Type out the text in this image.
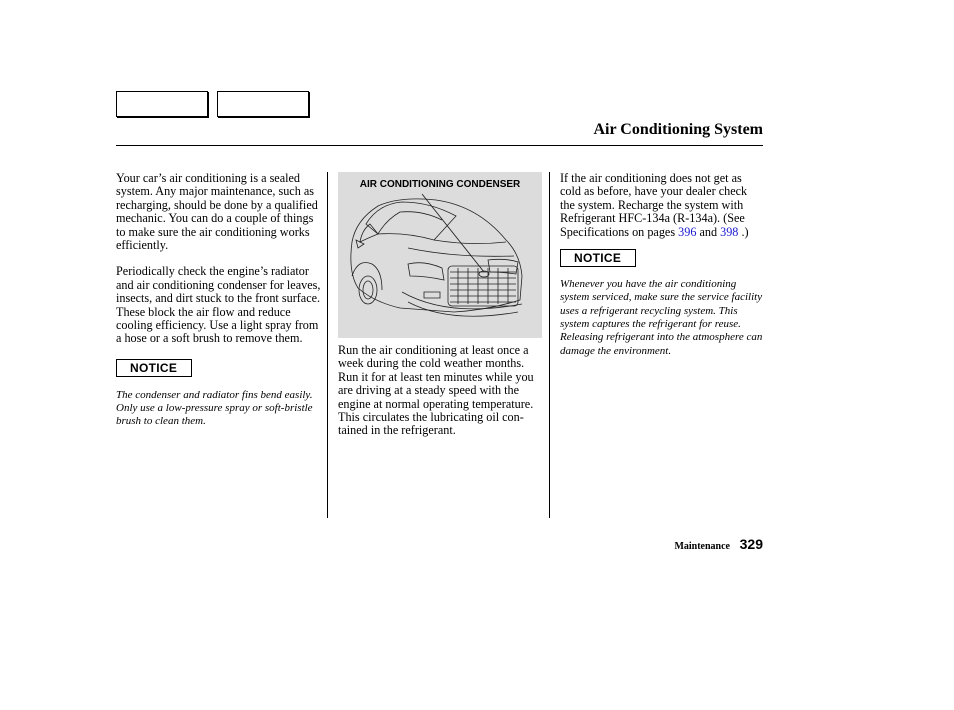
Air Conditioning System

Your car’s air conditioning is a sealed system. Any major maintenance, such as recharging, should be done by a qualified mechanic. You can do a couple of things to make sure the air conditioning works efficiently.

Periodically check the engine’s radiator and air conditioning condenser for leaves, insects, and dirt stuck to the front surface. These block the air flow and reduce cooling efficiency. Use a light spray from a hose or a soft brush to remove them.

NOTICE

The condenser and radiator fins bend easily. Only use a low-pressure spray or soft-bristle brush to clean them.

AIR CONDITIONING CONDENSER

Run the air conditioning at least once a week during the cold weather months. Run it for at least ten minutes while you are driving at a steady speed with the engine at normal operating temperature. This circulates the lubricating oil con- tained in the refrigerant.

If the air conditioning does not get as cold as before, have your dealer check the system. Recharge the system with Refrigerant HFC-134a (R-134a). (See Specifications on pages 396 and 398 .)

NOTICE

Whenever you have the air conditioning system serviced, make sure the service facility uses a refrigerant recycling system. This system captures the refrigerant for reuse. Releasing refrigerant into the atmosphere can damage the environment.

Maintenance 329
